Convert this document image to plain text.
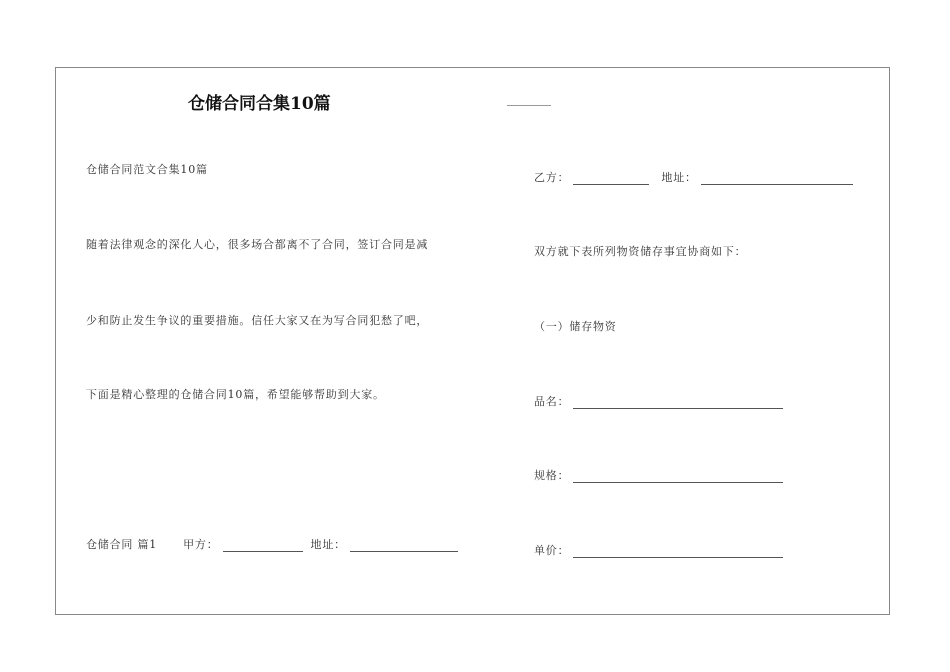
仓储合同合集10篇
仓储合同范文合集10篇
随着法律观念的深化人心，很多场合都离不了合同，签订合同是减
少和防止发生争议的重要措施。信任大家又在为写合同犯愁了吧，
下面是精心整理的仓储合同10篇，希望能够帮助到大家。
仓储合同 篇1 甲方：	地址：
乙方：	地址：
双方就下表所列物资储存事宜协商如下：
（一）储存物资
品名：
规格：
单价：
